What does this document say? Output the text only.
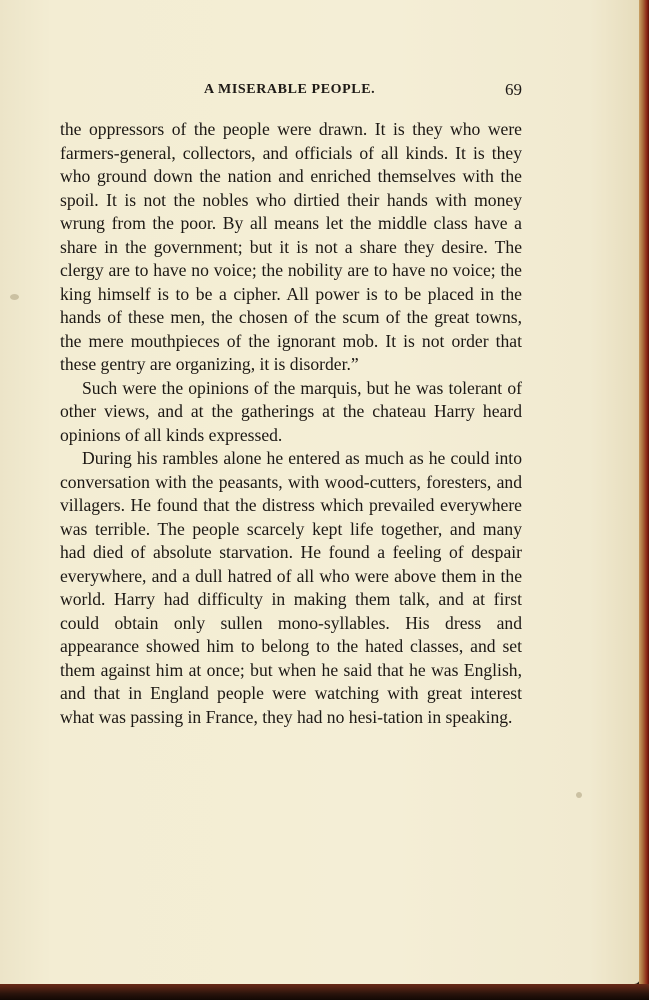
A MISERABLE PEOPLE.	69

the oppressors of the people were drawn. It is they who were farmers-general, collectors, and officials of all kinds. It is they who ground down the nation and enriched themselves with the spoil. It is not the nobles who dirtied their hands with money wrung from the poor. By all means let the middle class have a share in the government; but it is not a share they desire. The clergy are to have no voice; the nobility are to have no voice; the king himself is to be a cipher. All power is to be placed in the hands of these men, the chosen of the scum of the great towns, the mere mouthpieces of the ignorant mob. It is not order that these gentry are organizing, it is disorder.”

Such were the opinions of the marquis, but he was tolerant of other views, and at the gatherings at the chateau Harry heard opinions of all kinds expressed.

During his rambles alone he entered as much as he could into conversation with the peasants, with wood-cutters, foresters, and villagers. He found that the distress which prevailed everywhere was terrible. The people scarcely kept life together, and many had died of absolute starvation. He found a feeling of despair everywhere, and a dull hatred of all who were above them in the world. Harry had difficulty in making them talk, and at first could obtain only sullen mono-syllables. His dress and appearance showed him to belong to the hated classes, and set them against him at once; but when he said that he was English, and that in England people were watching with great interest what was passing in France, they had no hesi-tation in speaking.
